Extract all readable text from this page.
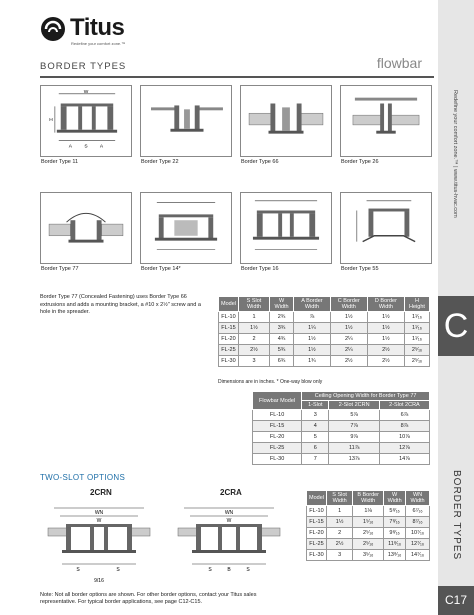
Titus
Redefine your comfort zone.™
BORDER TYPES	flowbar
Redefine your comfort zone.™ | www.titus-hvac.com
C
BORDER TYPES
C17
W
H
A S A
Border Type 11	Border Type 22	Border Type 66	Border Type 26
Border Type 77	Border Type 14*	Border Type 16	Border Type 55
Border Type 77 (Concealed Fastening) uses Border Type 66 extrusions and adds a mounting bracket, a #10 x 2½" screw and a hole in the spreader.
Model	S Slot Width	W Width	A Border Width	C Border Width	D Border Width	H Height
FL-10	1	2¾	⅞	1½	1½	1¹⁄₁₆
FL-15	1½	3¾	1¼	1½	1½	1¹⁄₁₆
FL-20	2	4¾	1½	2¼	1½	1¹⁄₁₆
FL-25	2½	5¾	1½	2¼	2½	2⁵⁄₁₆
FL-30	3	6¾	1¾	2½	2½	2⁵⁄₁₆
Dimensions are in inches. * One-way blow only
Flowbar Model	Ceiling Opening Width for Border Type 77		
	1-Slot	2-Slot 2CRN	2-Slot 2CRA
FL-10	3	5⅞	6⅞
FL-15	4	7⅞	8⅞
FL-20	5	9⅞	10⅞
FL-25	6	11⅞	12⅞
FL-30	7	13⅞	14⅞
TWO-SLOT OPTIONS
2CRN	2CRA
WN
W
S	S
9/16
WN
W
S	B	S
Model	S Slot Width	B Border Width	W Width	WN Width
FL-10	1	1⅛	5⁸⁄₁₆	6⁷⁄₁₆
FL-15	1½	1⁵⁄₁₆	7⁸⁄₁₆	8⁷⁄₁₆
FL-20	2	2⁵⁄₁₆	9⁸⁄₁₆	10⁷⁄₁₆
FL-25	2½	2⁵⁄₁₆	11⁸⁄₁₆	12⁷⁄₁₆
FL-30	3	3⁵⁄₁₆	13⁸⁄₁₆	14⁷⁄₁₆
Note: Not all border options are shown. For other border options, contact your Titus sales representative. For typical border applications, see page C12-C15.
